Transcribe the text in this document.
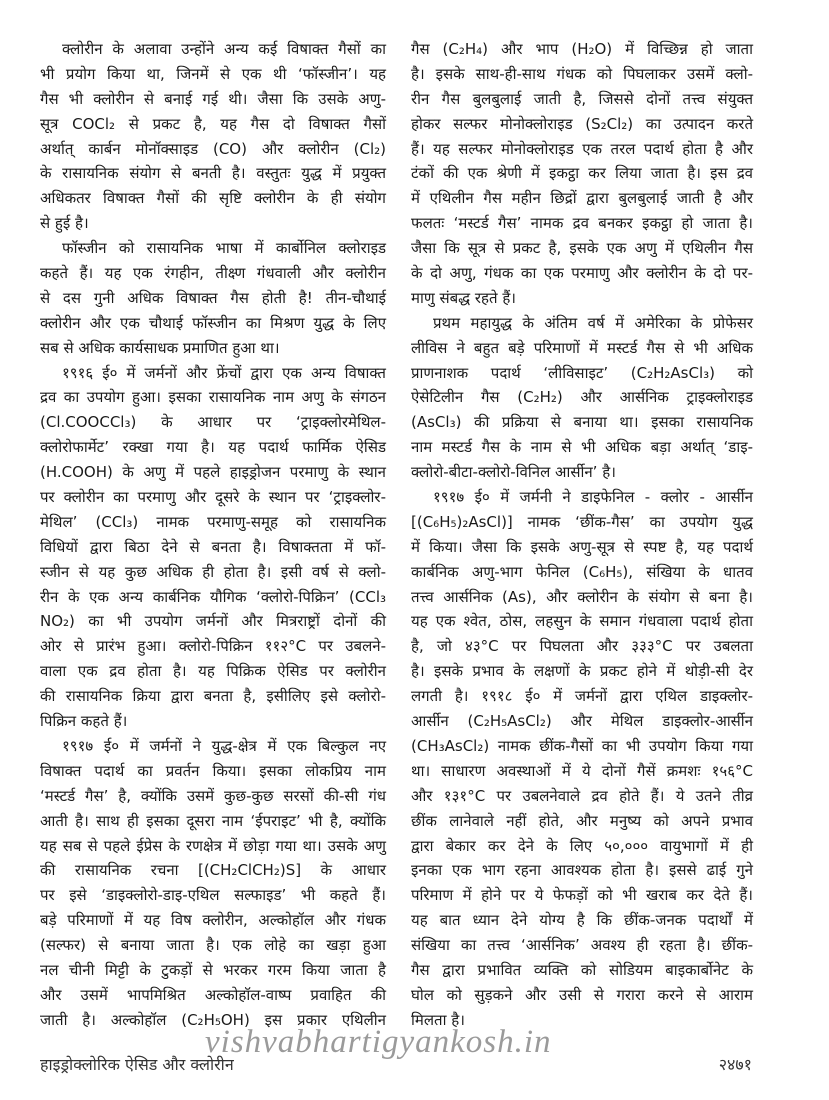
क्लोरीन के अलावा उन्होंने अन्य कई विषाक्त गैसों का
भी प्रयोग किया था, जिनमें से एक थी ‘फॉस्जीन’। यह
गैस भी क्लोरीन से बनाई गई थी। जैसा कि उसके अणु-
सूत्र COCl₂ से प्रकट है, यह गैस दो विषाक्त गैसों
अर्थात् कार्बन मोनॉक्साइड (CO) और क्लोरीन (Cl₂)
के रासायनिक संयोग से बनती है। वस्तुतः युद्ध में प्रयुक्त
अधिकतर विषाक्त गैसों की सृष्टि क्लोरीन के ही संयोग
से हुई है।
फॉस्जीन को रासायनिक भाषा में कार्बोनिल क्लोराइड
कहते हैं। यह एक रंगहीन, तीक्ष्ण गंधवाली और क्लोरीन
से दस गुनी अधिक विषाक्त गैस होती है! तीन-चौथाई
क्लोरीन और एक चौथाई फॉस्जीन का मिश्रण युद्ध के लिए
सब से अधिक कार्यसाधक प्रमाणित हुआ था।
१९१६ ई० में जर्मनों और फ्रेंचों द्वारा एक अन्य विषाक्त
द्रव का उपयोग हुआ। इसका रासायनिक नाम अणु के संगठन
(Cl.COOCCl₃) के आधार पर ‘ट्राइक्लोरमेथिल-
क्लोरोफार्मेट’ रक्खा गया है। यह पदार्थ फार्मिक ऐसिड
(H.COOH) के अणु में पहले हाइड्रोजन परमाणु के स्थान
पर क्लोरीन का परमाणु और दूसरे के स्थान पर ‘ट्राइक्लोर-
मेथिल’ (CCl₃) नामक परमाणु-समूह को रासायनिक
विधियों द्वारा बिठा देने से बनता है। विषाक्तता में फॉ-
स्जीन से यह कुछ अधिक ही होता है। इसी वर्ष से क्लो-
रीन के एक अन्य कार्बनिक यौगिक ‘क्लोरो-पिक्रिन’ (CCl₃
NO₂) का भी उपयोग जर्मनों और मित्रराष्ट्रों दोनों की
ओर से प्रारंभ हुआ। क्लोरो-पिक्रिन ११२°C पर उबलने-
वाला एक द्रव होता है। यह पिक्रिक ऐसिड पर क्लोरीन
की रासायनिक क्रिया द्वारा बनता है, इसीलिए इसे क्लोरो-
पिक्रिन कहते हैं।
१९१७ ई० में जर्मनों ने युद्ध-क्षेत्र में एक बिल्कुल नए
विषाक्त पदार्थ का प्रवर्तन किया। इसका लोकप्रिय नाम
‘मस्टर्ड गैस’ है, क्योंकि उसमें कुछ-कुछ सरसों की-सी गंध
आती है। साथ ही इसका दूसरा नाम ‘ईपराइट’ भी है, क्योंकि
यह सब से पहले ईप्रेस के रणक्षेत्र में छोड़ा गया था। उसके अणु
की रासायनिक रचना [(CH₂ClCH₂)S] के आधार
पर इसे ‘डाइक्लोरो-डाइ-एथिल सल्फाइड’ भी कहते हैं।
बड़े परिमाणों में यह विष क्लोरीन, अल्कोहॉल और गंधक
(सल्फर) से बनाया जाता है। एक लोहे का खड़ा हुआ
नल चीनी मिट्टी के टुकड़ों से भरकर गरम किया जाता है
और उसमें भापमिश्रित अल्कोहॉल-वाष्प प्रवाहित की
जाती है। अल्कोहॉल (C₂H₅OH) इस प्रकार एथिलीन
गैस (C₂H₄) और भाप (H₂O) में विच्छिन्न हो जाता
है। इसके साथ-ही-साथ गंधक को पिघलाकर उसमें क्लो-
रीन गैस बुलबुलाई जाती है, जिससे दोनों तत्त्व संयुक्त
होकर सल्फर मोनोक्लोराइड (S₂Cl₂) का उत्पादन करते
हैं। यह सल्फर मोनोक्लोराइड एक तरल पदार्थ होता है और
टंकों की एक श्रेणी में इकट्ठा कर लिया जाता है। इस द्रव
में एथिलीन गैस महीन छिद्रों द्वारा बुलबुलाई जाती है और
फलतः ‘मस्टर्ड गैस’ नामक द्रव बनकर इकट्ठा हो जाता है।
जैसा कि सूत्र से प्रकट है, इसके एक अणु में एथिलीन गैस
के दो अणु, गंधक का एक परमाणु और क्लोरीन के दो पर-
माणु संबद्ध रहते हैं।
प्रथम महायुद्ध के अंतिम वर्ष में अमेरिका के प्रोफेसर
लीविस ने बहुत बड़े परिमाणों में मस्टर्ड गैस से भी अधिक
प्राणनाशक पदार्थ ‘लीविसाइट’ (C₂H₂AsCl₃) को
ऐसेटिलीन गैस (C₂H₂) और आर्सनिक ट्राइक्लोराइड
(AsCl₃) की प्रक्रिया से बनाया था। इसका रासायनिक
नाम मस्टर्ड गैस के नाम से भी अधिक बड़ा अर्थात् ‘डाइ-
क्लोरो-बीटा-क्लोरो-विनिल आर्सीन’ है।
१९१७ ई० में जर्मनी ने डाइफेनिल - क्लोर - आर्सीन
[(C₆H₅)₂AsCl)] नामक ‘छींक-गैस’ का उपयोग युद्ध
में किया। जैसा कि इसके अणु-सूत्र से स्पष्ट है, यह पदार्थ
कार्बनिक अणु-भाग फेनिल (C₆H₅), संखिया के धातव
तत्त्व आर्सनिक (As), और क्लोरीन के संयोग से बना है।
यह एक श्वेत, ठोस, लहसुन के समान गंधवाला पदार्थ होता
है, जो ४३°C पर पिघलता और ३३३°C पर उबलता
है। इसके प्रभाव के लक्षणों के प्रकट होने में थोड़ी-सी देर
लगती है। १९१८ ई० में जर्मनों द्वारा एथिल डाइक्लोर-
आर्सीन (C₂H₅AsCl₂) और मेथिल डाइक्लोर-आर्सीन
(CH₃AsCl₂) नामक छींक-गैसों का भी उपयोग किया गया
था। साधारण अवस्थाओं में ये दोनों गैसें क्रमशः १५६°C
और १३१°C पर उबलनेवाले द्रव होते हैं। ये उतने तीव्र
छींक लानेवाले नहीं होते, और मनुष्य को अपने प्रभाव
द्वारा बेकार कर देने के लिए ५०,००० वायुभागों में ही
इनका एक भाग रहना आवश्यक होता है। इससे ढाई गुने
परिमाण में होने पर ये फेफड़ों को भी खराब कर देते हैं।
यह बात ध्यान देने योग्य है कि छींक-जनक पदार्थों में
संखिया का तत्त्व ‘आर्सनिक’ अवश्य ही रहता है। छींक-
गैस द्वारा प्रभावित व्यक्ति को सोडियम बाइकार्बोनेट के
घोल को सुड़कने और उसी से गरारा करने से आराम
मिलता है।
vishvabhartigyankosh.in
हाइड्रोक्लोरिक ऐसिड और क्लोरीन	२४७१
